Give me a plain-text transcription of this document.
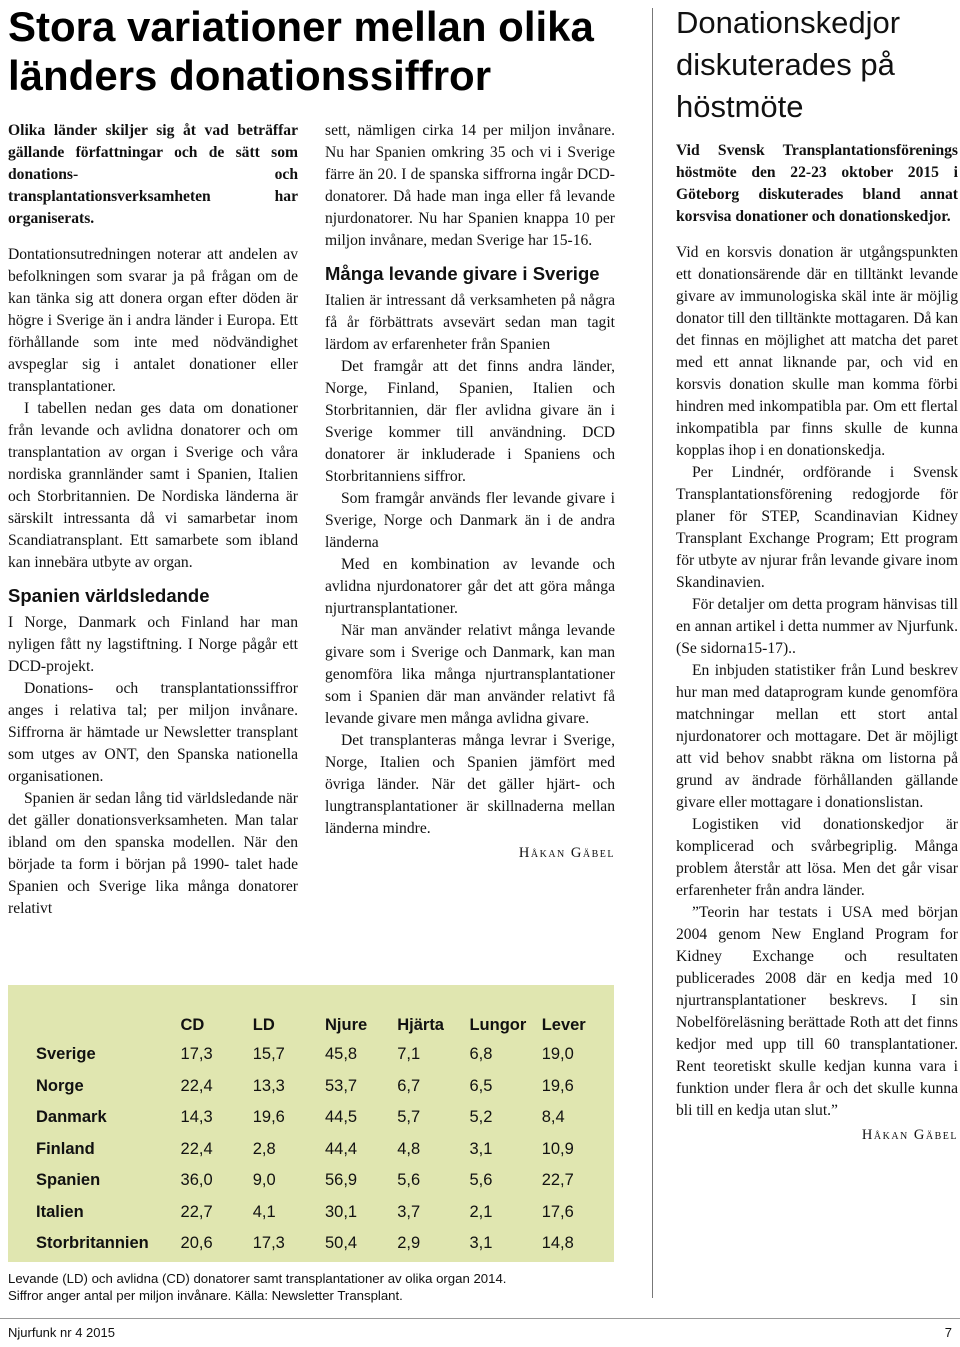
Stora variationer mellan olika länders donationssiffror

Olika länder skiljer sig åt vad beträffar gällande författningar och de sätt som donations- och transplantationsverksamheten har organiserats.

Dontationsutredningen noterar att andelen av befolkningen som svarar ja på frågan om de kan tänka sig att donera organ efter döden är högre i Sverige än i andra länder i Europa. Ett förhållande som inte med nödvändighet avspeglar sig i antalet donationer eller transplantationer.

I tabellen nedan ges data om donationer från levande och avlidna donatorer och om transplantation av organ i Sverige och våra nordiska grannländer samt i Spanien, Italien och Storbritannien. De Nordiska länderna är särskilt intressanta då vi samarbetar inom Scandiatransplant. Ett samarbete som ibland kan innebära utbyte av organ.

Spanien världsledande

I Norge, Danmark och Finland har man nyligen fått ny lagstiftning. I Norge pågår ett DCD-projekt.

Donations- och transplantationssiffror anges i relativa tal; per miljon invånare. Siffrorna är hämtade ur Newsletter transplant som utges av ONT, den Spanska nationella organisationen.

Spanien är sedan lång tid världsledande när det gäller donationsverksamheten. Man talar ibland om den spanska modellen. När den började ta form i början på 1990- talet hade Spanien och Sverige lika många donatorer relativt

sett, nämligen cirka 14 per miljon invånare. Nu har Spanien omkring 35 och vi i Sverige färre än 20. I de spanska siffrorna ingår DCD-donatorer. Då hade man inga eller få levande njurdonatorer. Nu har Spanien knappa 10 per miljon invånare, medan Sverige har 15-16.

Många levande givare i Sverige

Italien är intressant då verksamheten på några få år förbättrats avsevärt sedan man tagit lärdom av erfarenheter från Spanien

Det framgår att det finns andra länder, Norge, Finland, Spanien, Italien och Storbritannien, där fler avlidna givare än i Sverige kommer till användning. DCD donatorer är inkluderade i Spaniens och Storbritanniens siffror.

Som framgår används fler levande givare i Sverige, Norge och Danmark än i de andra länderna

Med en kombination av levande och avlidna njurdonatorer går det att göra många njurtransplantationer.

När man använder relativt många levande givare som i Sverige och Danmark, kan man genomföra lika många njurtransplantationer som i Spanien där man använder relativt få levande givare men många avlidna givare.

Det transplanteras många levrar i Sverige, Norge, Italien och Spanien jämfört med övriga länder. När det gäller hjärt- och lungtransplantationer är skillnaderna mellan länderna mindre.

Håkan Gäbel
	CD	LD	Njure	Hjärta	Lungor	Lever
Sverige	17,3	15,7	45,8	7,1	6,8	19,0
Norge	22,4	13,3	53,7	6,7	6,5	19,6
Danmark	14,3	19,6	44,5	5,7	5,2	8,4
Finland	22,4	2,8	44,4	4,8	3,1	10,9
Spanien	36,0	9,0	56,9	5,6	5,6	22,7
Italien	22,7	4,1	30,1	3,7	2,1	17,6
Storbritannien	20,6	17,3	50,4	2,9	3,1	14,8

Levande (LD) och avlidna (CD) donatorer samt transplantationer av olika organ 2014.
Siffror anger antal per miljon invånare. Källa: Newsletter Transplant.

Donationskedjor diskuterades på höstmöte

Vid Svensk Transplantationsförenings höstmöte den 22-23 oktober 2015 i Göteborg diskuterades bland annat korsvisa donationer och donationskedjor.

Vid en korsvis donation är utgångspunkten ett donationsärende där en tilltänkt levande givare av immunologiska skäl inte är möjlig donator till den tilltänkte mottagaren. Då kan det finnas en möjlighet att matcha det paret med ett annat liknande par, och vid en korsvis donation skulle man komma förbi hindren med inkompatibla par. Om ett flertal inkompatibla par finns skulle de kunna kopplas ihop i en donationskedja.

Per Lindnér, ordförande i Svensk Transplantationsförening redogjorde för planer för STEP, Scandinavian Kidney Transplant Exchange Program; Ett program för utbyte av njurar från levande givare inom Skandinavien.

För detaljer om detta program hänvisas till en annan artikel i detta nummer av Njurfunk. (Se sidorna15-17)..

En inbjuden statistiker från Lund beskrev hur man med dataprogram kunde genomföra matchningar mellan ett stort antal njurdonatorer och mottagare. Det är möjligt att vid behov snabbt räkna om listorna på grund av ändrade förhållanden gällande givare eller mottagare i donationslistan.

Logistiken vid donationskedjor är komplicerad och svårbegriplig. Många problem återstår att lösa. Men det går visar erfarenheter från andra länder.

”Teorin har testats i USA med början 2004 genom New England Program for Kidney Exchange och resultaten publicerades 2008 där en kedja med 10 njurtransplantationer beskrevs. I sin Nobelföreläsning berättade Roth att det finns kedjor med upp till 60 transplantationer. Rent teoretiskt skulle kedjan kunna vara i funktion under flera år och det skulle kunna bli till en kedja utan slut.”

Håkan Gäbel
Njurfunk nr 4 2015	7
